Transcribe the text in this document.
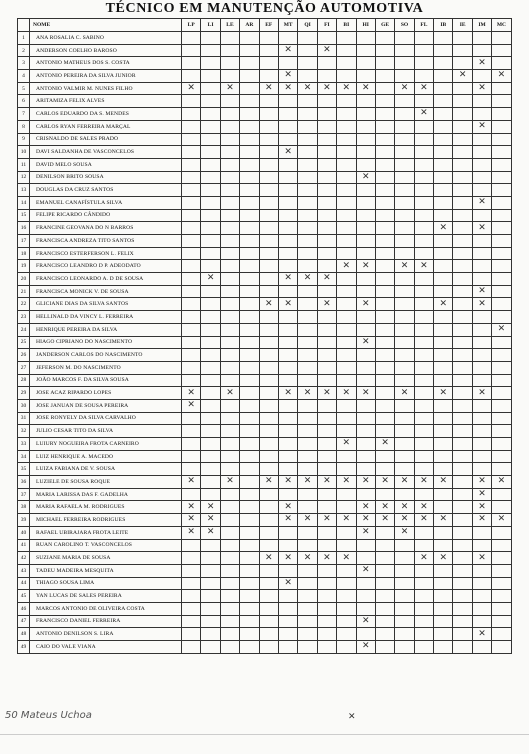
TÉCNICO EM MANUTENÇÃO AUTOMOTIVA
	NOME	LP	LI	LE	AR	EF	MT	QI	FI	BI	HI	GE	SO	FL	IB	IE	IM	MC
1	ANA ROSALIA C. SABINO																	
2	ANDERSON COELHO BAROSO						✕		✕									
3	ANTONIO MATHEUS DOS S. COSTA																✕	
4	ANTONIO PEREIRA DA SILVA JUNIOR						✕									✕		✕
5	ANTONIO VALMIR M. NUNES FILHO	✕		✕		✕	✕	✕	✕	✕	✕		✕	✕			✕	
6	ARITAMIZA FELIX ALVES																	
7	CARLOS EDUARDO DA S. MENDES													✕				
8	CARLOS RYAN FERREIRA MARÇAL																✕	
9	CRISNALDO DE SALES PRADO																	
10	DAVI SALDANHA DE VASCONCELOS						✕											
11	DAVID MELO SOUSA																	
12	DENILSON BRITO SOUSA										✕							
13	DOUGLAS DA CRUZ SANTOS																	
14	EMANUEL CANAFÍSTULA SILVA																✕	
15	FELIPE RICARDO CÂNDIDO																	
16	FRANCINE GEOVANA DO N BARROS														✕		✕	
17	FRANCISCA ANDREZA TITO SANTOS																	
18	FRANCISCO ESTERFERSON L. FELIX																	
19	FRANCISCO LEANDRO D P. ADEODATO									✕	✕		✕	✕				
20	FRANCISCO LEONARDO A. D DE SOUSA		✕				✕	✕	✕									
21	FRANCISCA MONICK V. DE SOUSA																✕	
22	GLICIANE DIAS DA SILVA SANTOS					✕	✕		✕		✕				✕		✕	
23	HELLINALD DA VINCY L. FERREIRA																	
24	HENRIQUE PEREIRA DA SILVA																	✕
25	HIAGO CIPRIANO DO NASCIMENTO										✕							
26	JANDERSON CARLOS DO NASCIMENTO																	
27	JEFERSON M. DO NASCIMENTO																	
28	JOÃO MARCOS F. DA SILVA SOUSA																	
29	JOSE ACAZ RIPARDO LOPES	✕		✕			✕	✕	✕	✕	✕		✕		✕		✕	
30	JOSE JANUAN DE SOUSA PEREIRA	✕																
31	JOSE RONYELY DA SILVA CARVALHO																	
32	JULIO CESAR TITO DA SILVA																	
33	LUIURY NOGUEIRA FROTA CARNEIRO									✕		✕						
34	LUIZ HENRIQUE A. MACEDO																	
35	LUIZA FABIANA DE V. SOUSA																	
36	LUZIELE DE SOUSA ROQUE	✕		✕		✕	✕	✕	✕	✕	✕	✕	✕	✕	✕		✕	✕
37	MARIA LARISSA DAS F. GADELHA																✕	
38	MARIA RAFAELA M. RODRIGUES	✕	✕				✕				✕	✕	✕	✕			✕	
39	MICHAEL FERREIRA RODRIGUES	✕	✕				✕	✕	✕	✕	✕	✕	✕	✕	✕		✕	✕
40	RAFAEL UBIRAJARA FROTA LEITE	✕	✕								✕		✕					
41	RUAN CAROLINO T. VASCONCELOS																	
42	SUZIANE MARIA DE SOUSA					✕	✕	✕	✕	✕				✕	✕		✕	
43	TADEU MADEIRA MESQUITA										✕							
44	THIAGO SOUSA LIMA						✕											
45	YAN LUCAS DE SALES PEREIRA																	
46	MARCOS ANTONIO DE OLIVEIRA COSTA																	
47	FRANCISCO DANIEL FERREIRA										✕							
48	ANTONIO DENILSON S. LIRA																✕	
49	CAIO DO VALE VIANA										✕							
50 Mateus Uchoa	✕
